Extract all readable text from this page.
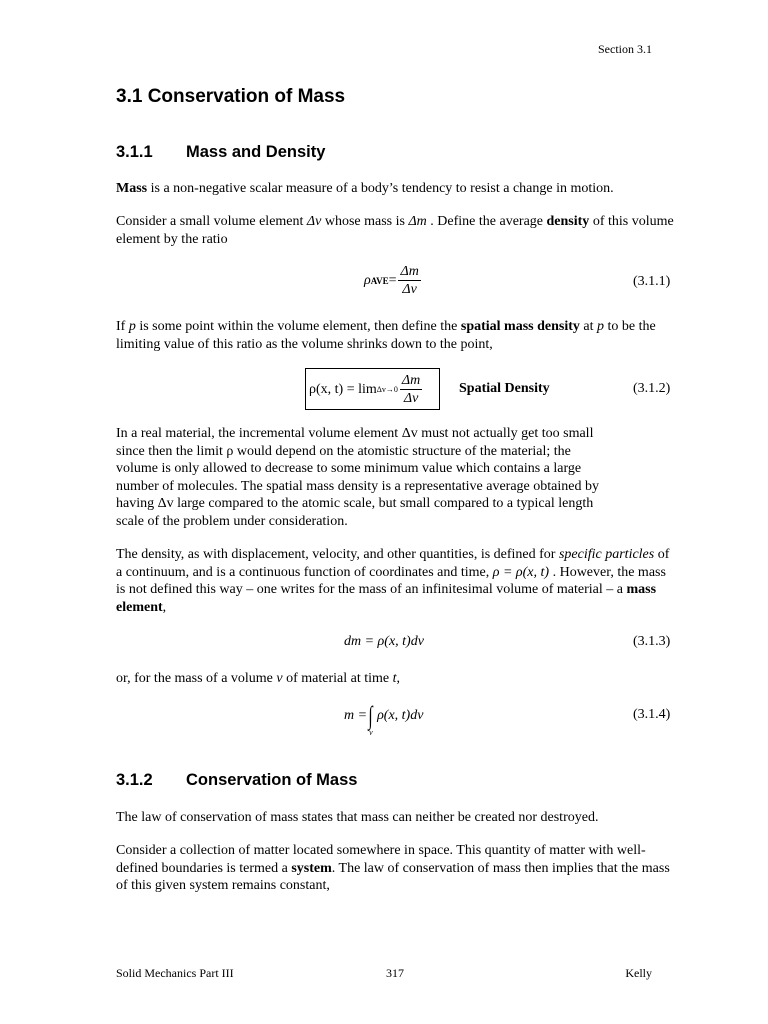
Section 3.1
3.1 Conservation of Mass
3.1.1 Mass and Density
Mass is a non-negative scalar measure of a body’s tendency to resist a change in motion.
Consider a small volume element Δv whose mass is Δm . Define the average density of this volume element by the ratio
ρ AVE = $\frac{\Delta m}{\Delta v}$	(3.1.1)
If p is some point within the volume element, then define the spatial mass density at p to be the limiting value of this ratio as the volume shrinks down to the point,
ρ(x, $t) = \lim \Delta v\to 0 \frac{\Delta m}{\Delta v}$	Spatial Density	(3.1.2)
In a real material, the incremental volume element Δv must not actually get too small
since then the limit ρ would depend on the atomistic structure of the material; the
volume is only allowed to decrease to some minimum value which contains a large
number of molecules. The spatial mass density is a representative average obtained by
having Δv large compared to the atomic scale, but small compared to a typical length
scale of the problem under consideration.
The density, as with displacement, velocity, and other quantities, is defined for specific particles of a continuum, and is a continuous function of coordinates and time, ρ = ρ(x, t) . However, the mass is not defined this way – one writes for the mass of an infinitesimal volume of material – a mass element,
dm = ρ(x, t)dv	(3.1.3)
or, for the mass of a volume v of material at time t,
m = ∫
v
ρ(x, t)dv	(3.1.4)
3.1.2 Conservation of Mass
The law of conservation of mass states that mass can neither be created nor destroyed.
Consider a collection of matter located somewhere in space. This quantity of matter with well-defined boundaries is termed a system. The law of conservation of mass then implies that the mass of this given system remains constant,
Solid Mechanics Part III	317	Kelly
